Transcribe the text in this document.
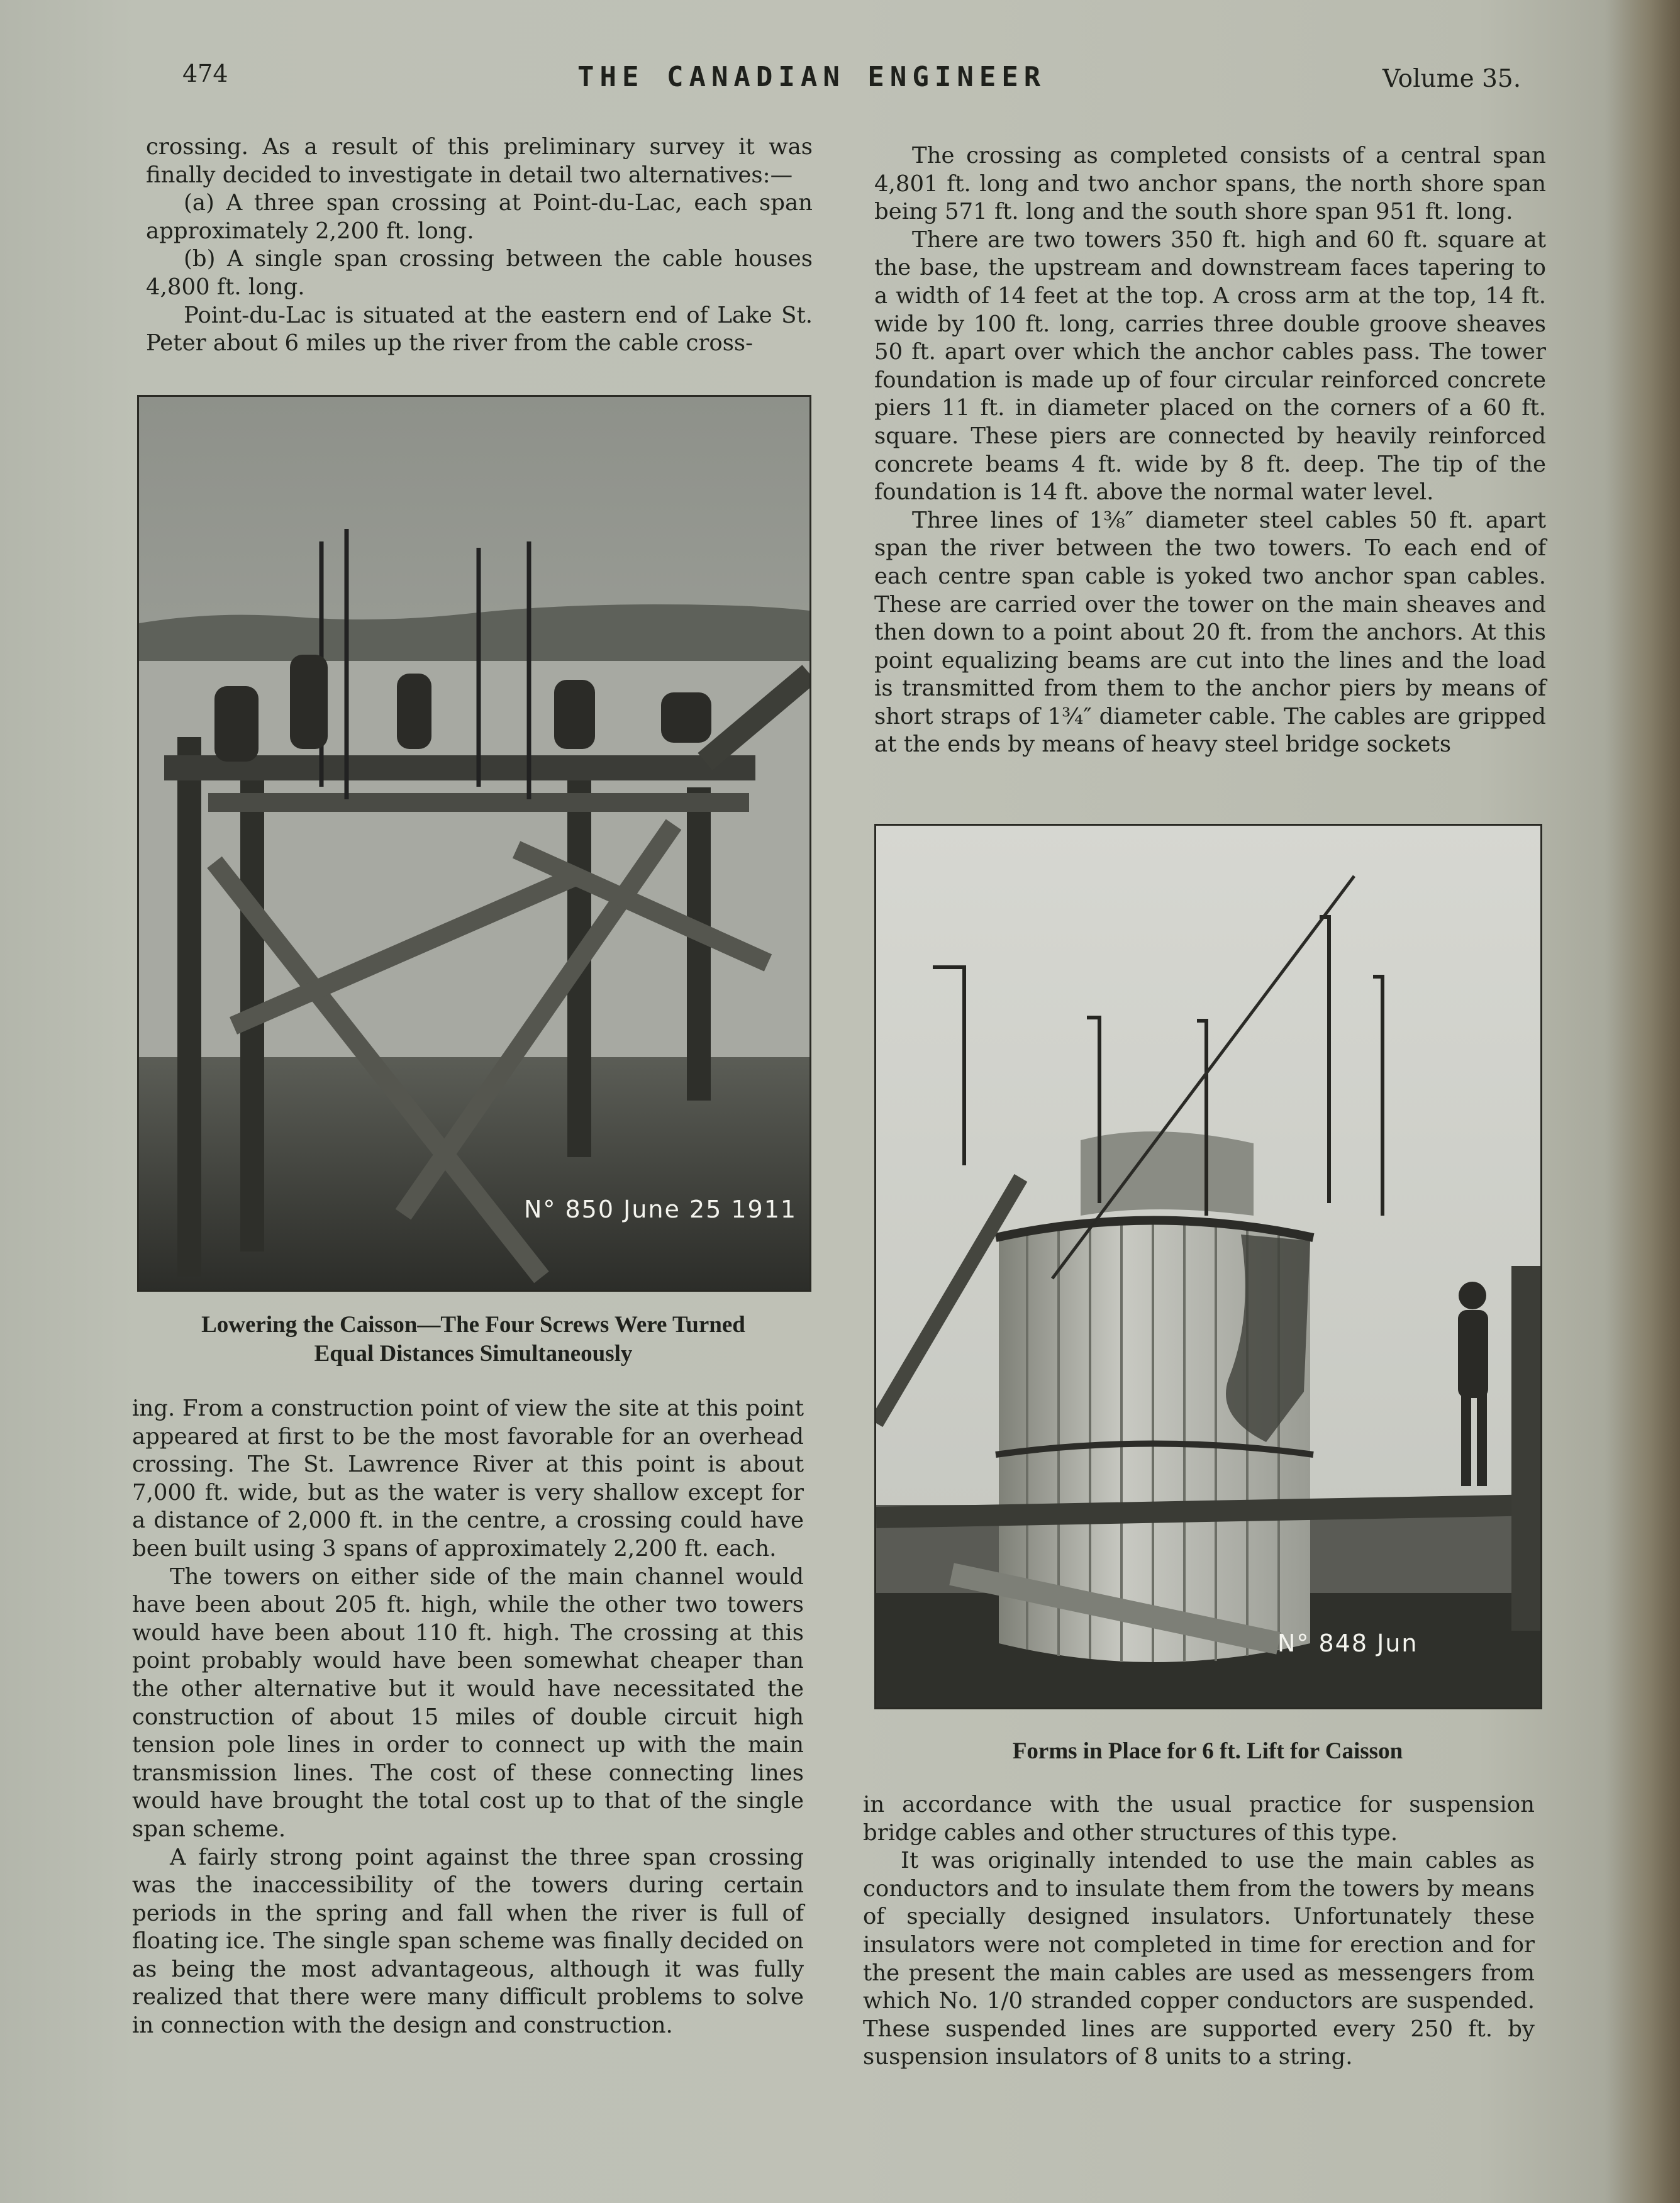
474	THE CANADIAN ENGINEER	Volume 35.

crossing. As a result of this preliminary survey it was finally decided to investigate in detail two alternatives:—

(a) A three span crossing at Point-du-Lac, each span approximately 2,200 ft. long.

(b) A single span crossing between the cable houses 4,800 ft. long.

Point-du-Lac is situated at the eastern end of Lake St. Peter about 6 miles up the river from the cable cross-

N° 850 June 25 1911
Lowering the Caisson—The Four Screws Were Turned
Equal Distances Simultaneously

ing. From a construction point of view the site at this point appeared at first to be the most favorable for an overhead crossing. The St. Lawrence River at this point is about 7,000 ft. wide, but as the water is very shallow except for a distance of 2,000 ft. in the centre, a crossing could have been built using 3 spans of approximately 2,200 ft. each.

The towers on either side of the main channel would have been about 205 ft. high, while the other two towers would have been about 110 ft. high. The crossing at this point probably would have been somewhat cheaper than the other alternative but it would have necessitated the construction of about 15 miles of double circuit high tension pole lines in order to connect up with the main transmission lines. The cost of these connecting lines would have brought the total cost up to that of the single span scheme.

A fairly strong point against the three span crossing was the inaccessibility of the towers during certain periods in the spring and fall when the river is full of floating ice. The single span scheme was finally decided on as being the most advantageous, although it was fully realized that there were many difficult problems to solve in connection with the design and construction.

The crossing as completed consists of a central span 4,801 ft. long and two anchor spans, the north shore span being 571 ft. long and the south shore span 951 ft. long.

There are two towers 350 ft. high and 60 ft. square at the base, the upstream and downstream faces tapering to a width of 14 feet at the top. A cross arm at the top, 14 ft. wide by 100 ft. long, carries three double groove sheaves 50 ft. apart over which the anchor cables pass. The tower foundation is made up of four circular reinforced concrete piers 11 ft. in diameter placed on the corners of a 60 ft. square. These piers are connected by heavily reinforced concrete beams 4 ft. wide by 8 ft. deep. The tip of the foundation is 14 ft. above the normal water level.

Three lines of 1⅜″ diameter steel cables 50 ft. apart span the river between the two towers. To each end of each centre span cable is yoked two anchor span cables. These are carried over the tower on the main sheaves and then down to a point about 20 ft. from the anchors. At this point equalizing beams are cut into the lines and the load is transmitted from them to the anchor piers by means of short straps of 1¾″ diameter cable. The cables are gripped at the ends by means of heavy steel bridge sockets

N° 848 Jun
Forms in Place for 6 ft. Lift for Caisson

in accordance with the usual practice for suspension bridge cables and other structures of this type.

It was originally intended to use the main cables as conductors and to insulate them from the towers by means of specially designed insulators. Unfortunately these insulators were not completed in time for erection and for the present the main cables are used as messengers from which No. 1/0 stranded copper conductors are suspended. These suspended lines are supported every 250 ft. by suspension insulators of 8 units to a string.
